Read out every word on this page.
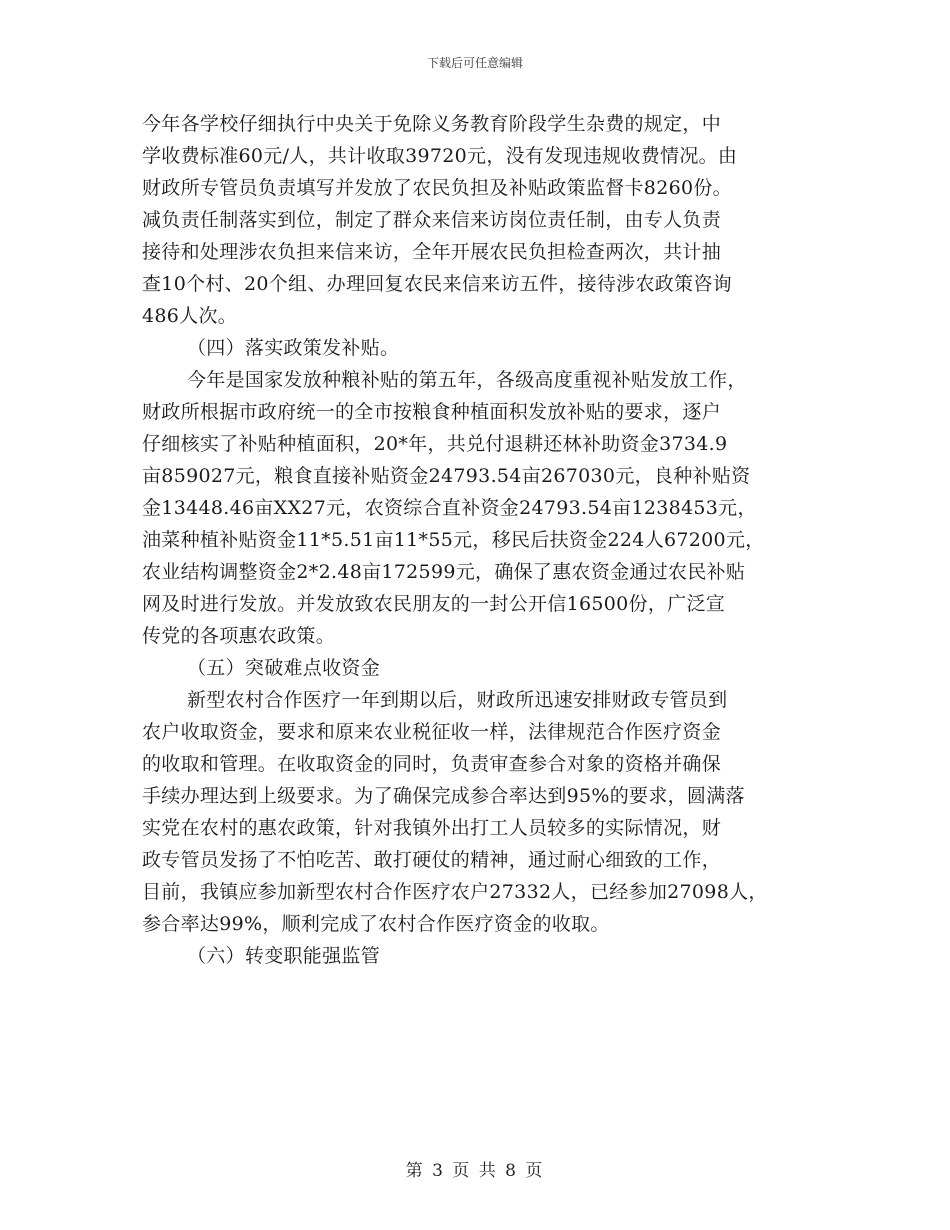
下载后可任意编辑
今年各学校仔细执行中央关于免除义务教育阶段学生杂费的规定，中
学收费标准60元/人，共计收取39720元，没有发现违规收费情况。由
财政所专管员负责填写并发放了农民负担及补贴政策监督卡8260份。
减负责任制落实到位，制定了群众来信来访岗位责任制，由专人负责
接待和处理涉农负担来信来访，全年开展农民负担检查两次，共计抽
查10个村、20个组、办理回复农民来信来访五件，接待涉农政策咨询
486人次。
（四）落实政策发补贴。
今年是国家发放种粮补贴的第五年，各级高度重视补贴发放工作，
财政所根据市政府统一的全市按粮食种植面积发放补贴的要求，逐户
仔细核实了补贴种植面积，20*年，共兑付退耕还林补助资金3734.9
亩859027元，粮食直接补贴资金24793.54亩267030元，良种补贴资
金13448.46亩XX27元，农资综合直补资金24793.54亩1238453元，
油菜种植补贴资金11*5.51亩11*55元，移民后扶资金224人67200元，
农业结构调整资金2*2.48亩172599元，确保了惠农资金通过农民补贴
网及时进行发放。并发放致农民朋友的一封公开信16500份，广泛宣
传党的各项惠农政策。
（五）突破难点收资金
新型农村合作医疗一年到期以后，财政所迅速安排财政专管员到
农户收取资金，要求和原来农业税征收一样，法律规范合作医疗资金
的收取和管理。在收取资金的同时，负责审查参合对象的资格并确保
手续办理达到上级要求。为了确保完成参合率达到95%的要求，圆满落
实党在农村的惠农政策，针对我镇外出打工人员较多的实际情况，财
政专管员发扬了不怕吃苦、敢打硬仗的精神，通过耐心细致的工作，
目前，我镇应参加新型农村合作医疗农户27332人，已经参加27098人，
参合率达99%，顺利完成了农村合作医疗资金的收取。
（六）转变职能强监管
第 3 页 共 8 页
